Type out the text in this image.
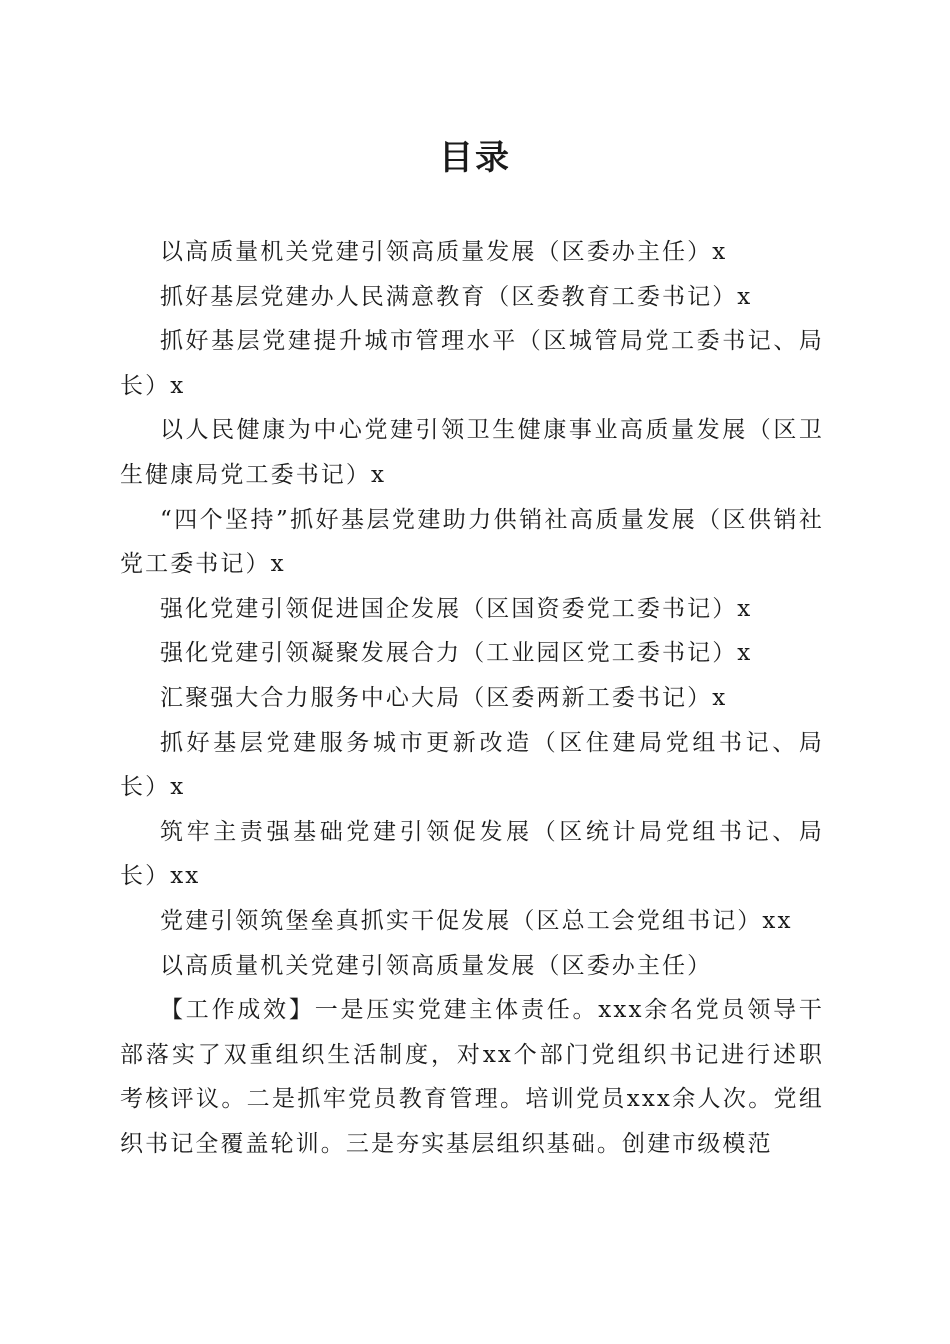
目录

以高质量机关党建引领高质量发展（区委办主任）x

抓好基层党建办人民满意教育（区委教育工委书记）x

抓好基层党建提升城市管理水平（区城管局党工委书记、局长）x

以人民健康为中心党建引领卫生健康事业高质量发展（区卫生健康局党工委书记）x

“四个坚持”抓好基层党建助力供销社高质量发展（区供销社党工委书记）x

强化党建引领促进国企发展（区国资委党工委书记）x

强化党建引领凝聚发展合力（工业园区党工委书记）x

汇聚强大合力服务中心大局（区委两新工委书记）x

抓好基层党建服务城市更新改造（区住建局党组书记、局长）x

筑牢主责强基础党建引领促发展（区统计局党组书记、局长）xx

党建引领筑堡垒真抓实干促发展（区总工会党组书记）xx

以高质量机关党建引领高质量发展（区委办主任）

【工作成效】一是压实党建主体责任。xxx余名党员领导干部落实了双重组织生活制度，对xx个部门党组织书记进行述职考核评议。二是抓牢党员教育管理。培训党员xxx余人次。党组织书记全覆盖轮训。三是夯实基层组织基础。创建市级模范
